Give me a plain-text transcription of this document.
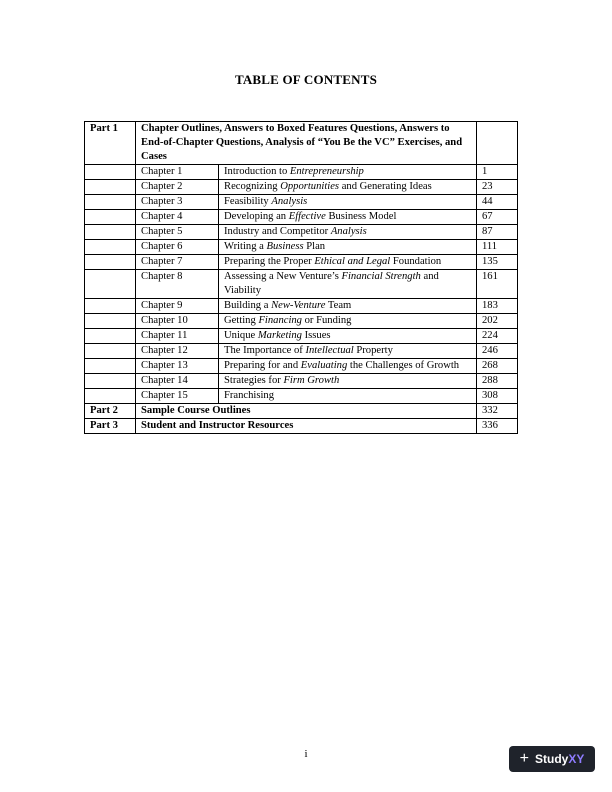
TABLE OF CONTENTS
Part 1	Chapter Outlines, Answers to Boxed Features Questions, Answers to End-of-Chapter Questions, Analysis of “You Be the VC” Exercises, and Cases		
	Chapter 1	Introduction to Entrepreneurship	1
	Chapter 2	Recognizing Opportunities and Generating Ideas	23
	Chapter 3	Feasibility Analysis	44
	Chapter 4	Developing an Effective Business Model	67
	Chapter 5	Industry and Competitor Analysis	87
	Chapter 6	Writing a Business Plan	111
	Chapter 7	Preparing the Proper Ethical and Legal Foundation	135
	Chapter 8	Assessing a New Venture’s Financial Strength and Viability	161
	Chapter 9	Building a New-Venture Team	183
	Chapter 10	Getting Financing or Funding	202
	Chapter 11	Unique Marketing Issues	224
	Chapter 12	The Importance of Intellectual Property	246
	Chapter 13	Preparing for and Evaluating the Challenges of Growth	268
	Chapter 14	Strategies for Firm Growth	288
	Chapter 15	Franchising	308
Part 2	Sample Course Outlines		332
Part 3	Student and Instructor Resources		336
i	+ StudyXY
